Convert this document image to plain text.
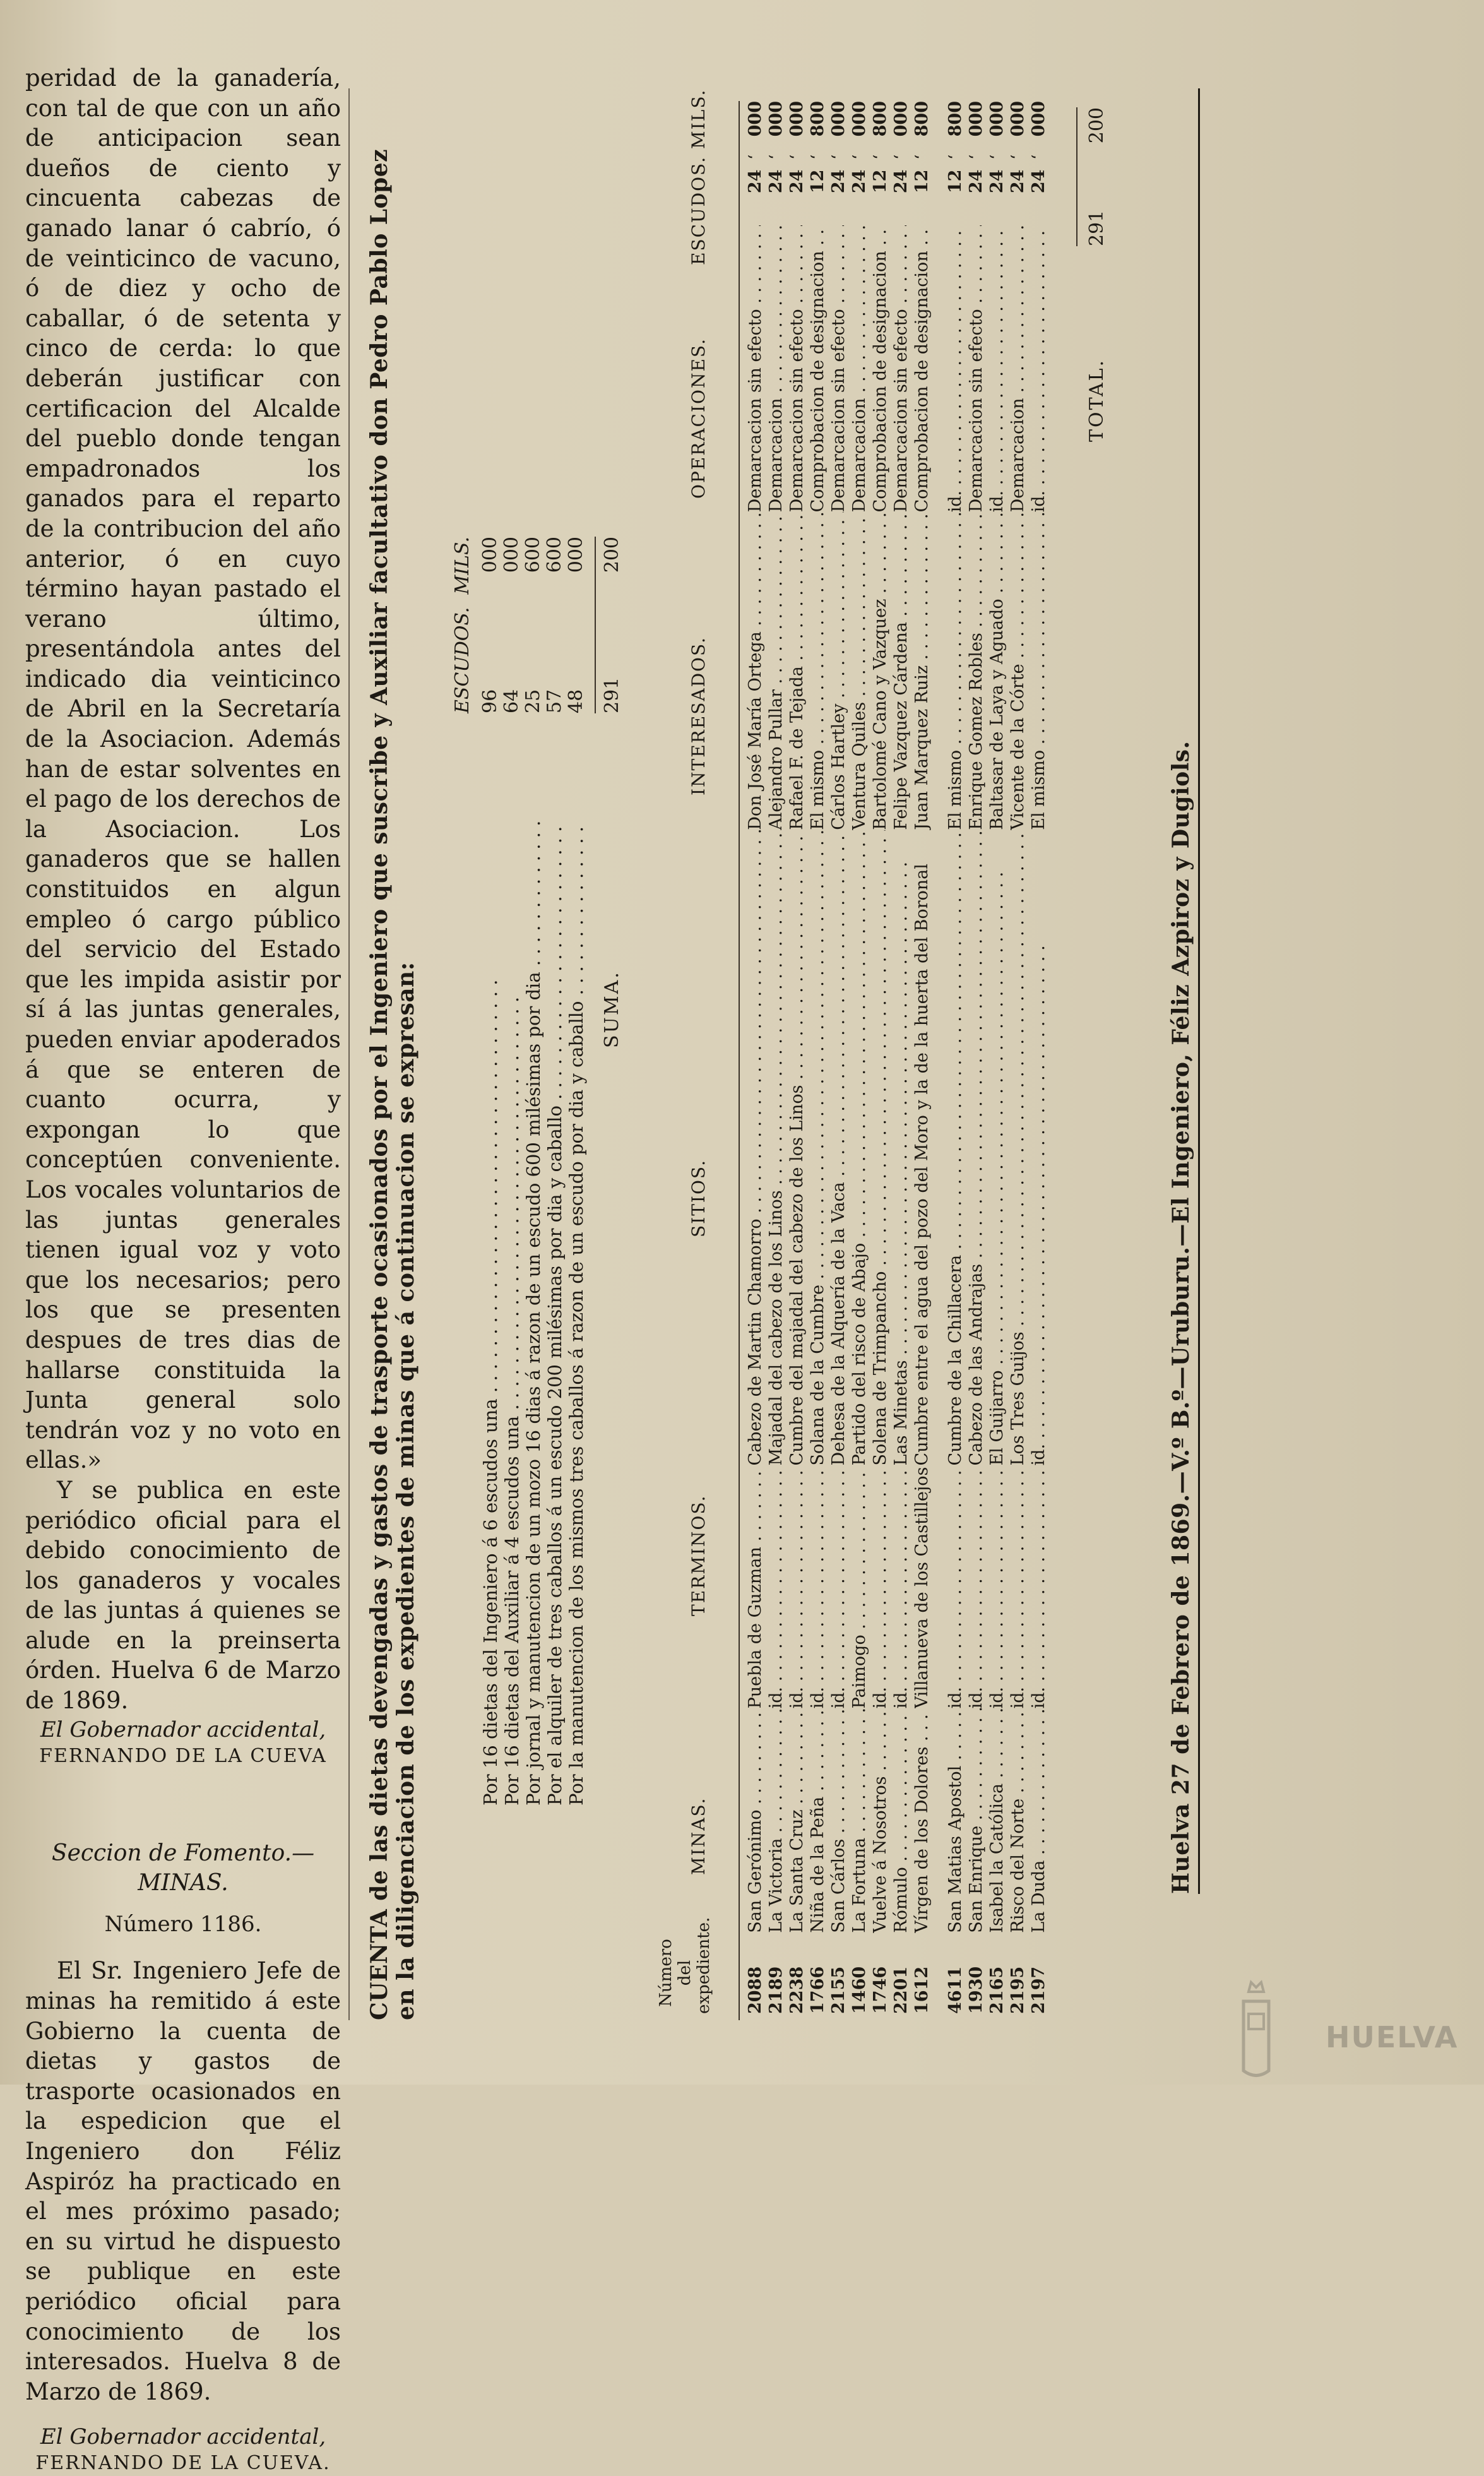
peridad de la ganadería, con tal de que con un año de anticipacion sean dueños de ciento y cincuenta cabezas de ganado lanar ó cabrío, ó de veinticinco de vacuno, ó de diez y ocho de caballar, ó de setenta y cinco de cerda: lo que deberán justificar con certificacion del Alcalde del pueblo donde tengan empadronados los ganados para el reparto de la contribucion del año anterior, ó en cuyo término hayan pastado el verano último, presentándola antes del indicado dia veinticinco de Abril en la Secretaría de la Asociacion. Además han de estar solventes en el pago de los derechos de la Asociacion. Los ganaderos que se hallen constituidos en algun empleo ó cargo público del servicio del Estado que les impida asistir por sí á las juntas generales, pueden enviar apoderados á que se enteren de cuanto ocurra, y expongan lo que conceptúen conveniente. Los vocales voluntarios de las juntas generales tienen igual voz y voto que los necesarios; pero los que se presenten despues de tres dias de hallarse constituida la Junta general solo tendrán voz y no voto en ellas.»

Y se publica en este periódico oficial para el debido conocimiento de los ganaderos y vocales de las juntas á quienes se alude en la preinserta órden. Huelva 6 de Marzo de 1869.

El Gobernador accidental,

FERNANDO DE LA CUEVA

Seccion de Fomento.—MINAS.

Número 1186.

El Sr. Ingeniero Jefe de minas ha remitido á este Gobierno la cuenta de dietas y gastos de trasporte ocasionados en la espedicion que el Ingeniero don Féliz Aspiróz ha practicado en el mes próximo pasado; en su virtud he dispuesto se publique en este periódico oficial para conocimiento de los interesados. Huelva 8 de Marzo de 1869.

El Gobernador accidental,

FERNANDO DE LA CUEVA.

CUENTA de las dietas devengadas y gastos de trasporte ocasionados por el Ingeniero que suscribe y Auxiliar facultativo don Pedro Pablo Lopez en la diligenciacion de los expedientes de minas que á continuacion se expresan:
ESCUDOS.
MILS.
Por 16 dietas del Ingeniero á 6 escudos una . . . Por 16 dietas del Auxiliar á 4 escudos una . . . Por jornal y manutencion de un mozo 16 dias á razon de un escudo 600 milésimas por dia . . . Por el alquiler de tres caballos á un escudo 200 milésimas por dia y caballo . . . Por la manutencion de los mismos tres caballos á razon de un escudo por dia y caballo . . .
96
000
64
000
25
600
57
600
48
000
SUMA.
291
200
Número del expediente.
MINAS.
TERMINOS.
SITIOS.
INTERESADOS.
OPERACIONES.
ESCUDOS. MILS.
2088
San Gerónimo . . .
Puebla de Guzman . . .
Cabezo de Martin Chamorro . . .
Don José María Ortega . . .
Demarcacion sin efecto . . .
24
‘
000
2189
La Victoria . . .
id. . . .
Majadal del cabezo de los Linos . . .
Alejandro Pullar . . .
Demarcacion . . .
24
‘
000
2238
La Santa Cruz . . .
id. . . .
Cumbre del majadal del cabezo de los Linos . . .
Rafael F. de Tejada . . .
Demarcacion sin efecto . . .
24
‘
000
1766
Niña de la Peña . . .
id. . . .
Solana de la Cumbre . . .
El mismo . . .
Comprobacion de designacion . . .
12
‘
800
2155
San Cárlos . . .
id. . . .
Dehesa de la Alquería de la Vaca . . .
Cárlos Hartley . . .
Demarcacion sin efecto . . .
24
‘
000
1460
La Fortuna . . .
Paimogo . . .
Partido del risco de Abajo . . .
Ventura Quiles . . .
Demarcacion . . .
24
‘
000
1746
Vuelve á Nosotros . . .
id. . . .
Solena de Trimpancho . . .
Bartolomé Cano y Vazquez . . .
Comprobacion de designacion . . .
12
‘
800
2201
Rómulo . . .
id. . . .
Las Minetas . . .
Felipe Vazquez Cárdena . . .
Demarcacion sin efecto . . .
24
‘
000
1612
Vírgen de los Dolores . . .
Villanueva de los Castillejos . . .
Cumbre entre el agua del pozo del Moro y la de la huerta del Boronal
Juan Marquez Ruiz . . .
Comprobacion de designacion . . .
12
‘
800
4611
San Matias Apostol . . .
id. . . .
Cumbre de la Chillacera . . .
El mismo . . .
id. . . .
12
‘
800
1930
San Enrique . . .
id. . . .
Cabezo de las Andrajas . . .
Enrique Gomez Robles . . .
Demarcacion sin efecto . . .
24
‘
000
2165
Isabel la Católica . . .
id. . . .
El Guijarro . . .
Baltasar de Laya y Aguado . . .
id. . . .
24
‘
000
2195
Risco del Norte . . .
id. . . .
Los Tres Guijos . . .
Vicente de la Córte . . .
Demarcacion . . .
24
‘
000
2197
La Duda . . .
id. . . .
id. . . .
El mismo . . .
id. . . .
24
‘
000
TOTAL.
291
200
Huelva 27 de Febrero de 1869.—V.º B.º—Uruburu.—El Ingeniero, Féliz Azpiroz y Dugiols.
HUELVA
